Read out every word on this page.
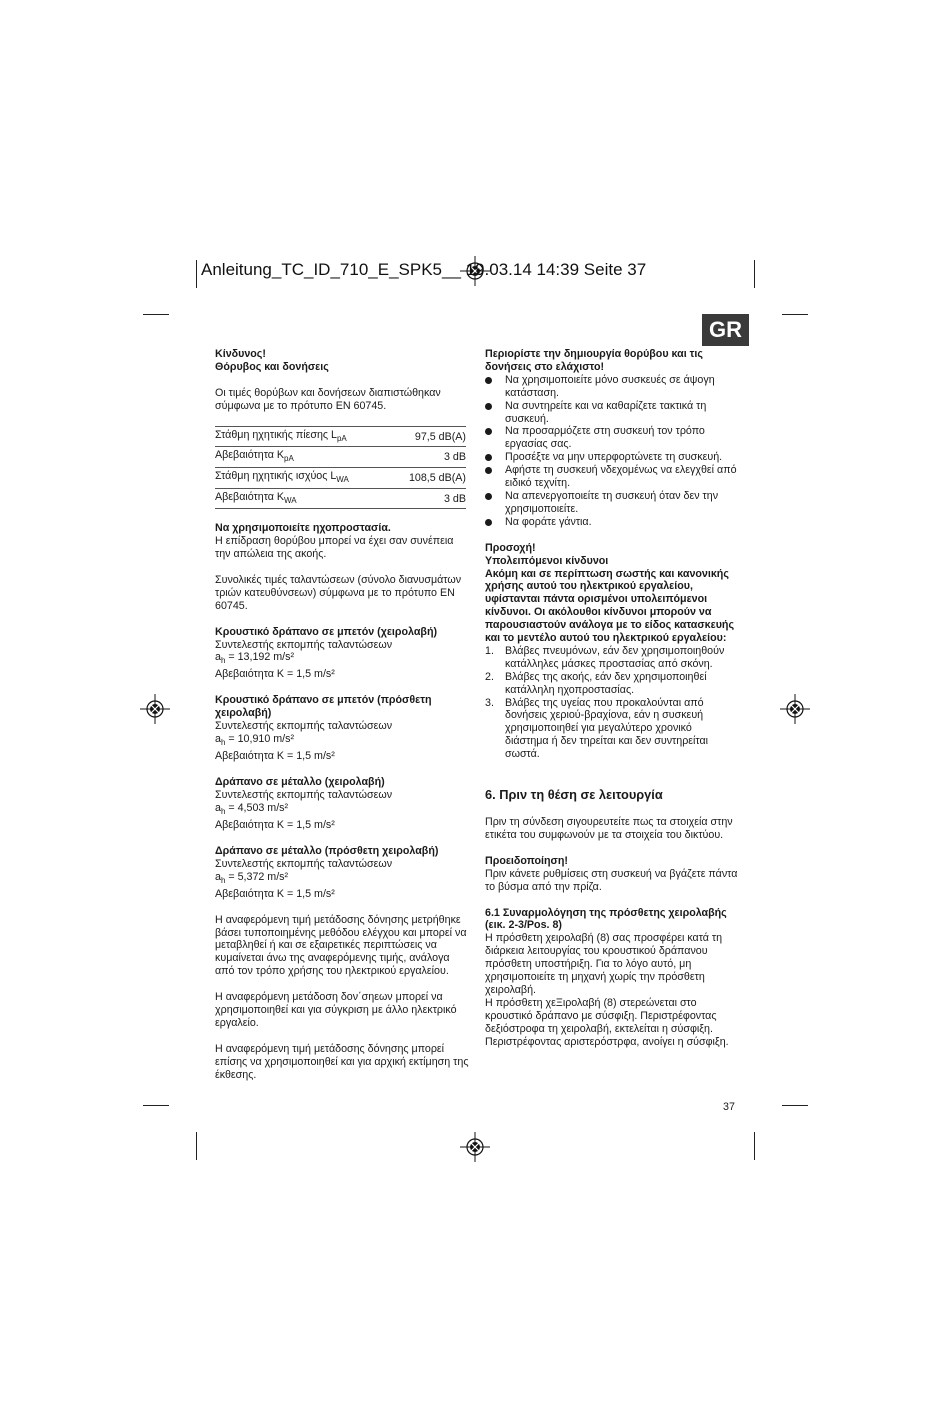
Anleitung_TC_ID_710_E_SPK5__ 19.03.14 14:39 Seite 37
GR
Κίνδυνος!
Θόρυβος και δονήσεις
Οι τιμές θορύβων και δονήσεων διαπιστώθηκαν σύμφωνα με το πρότυπο EN 60745.
Στάθμη ηχητικής πίεσης $L_{pA}$	97,5 dB(A)
Αβεβαιότητα $K_{pA}$	3 dB
Στάθμη ηχητικής ισχύος $L_{WA}$	108,5 dB(A)
Αβεβαιότητα $K_{WA}$	3 dB
Να χρησιμοποιείτε ηχοπροστασία.
Η επίδραση θορύβου μπορεί να έχει σαν συνέπεια την απώλεια της ακοής.
Συνολικές τιμές ταλαντώσεων (σύνολο διανυσμάτων τριών κατευθύνσεων) σύμφωνα με το πρότυπο EN 60745.
Κρουστικό δράπανο σε μπετόν (χειρολαβή)
Συντελεστής εκπομπής ταλαντώσεων
$a_h = 13,192$ m/s²
Αβεβαιότητα K = 1,5 m/s²
Κρουστικό δράπανο σε μπετόν (πρόσθετη χειρολαβή)
Συντελεστής εκπομπής ταλαντώσεων
$a_h = 10,910$ m/s²
Αβεβαιότητα K = 1,5 m/s²
Δράπανο σε μέταλλο (χειρολαβή)
Συντελεστής εκπομπής ταλαντώσεων
$a_h = 4,503$ m/s²
Αβεβαιότητα K = 1,5 m/s²
Δράπανο σε μέταλλο (πρόσθετη χειρολαβή)
Συντελεστής εκπομπής ταλαντώσεων
$a_h = 5,372$ m/s²
Αβεβαιότητα K = 1,5 m/s²
Η αναφερόμενη τιμή μετάδοσης δόνησης μετρήθηκε βάσει τυποποιημένης μεθόδου ελέγχου και μπορεί να μεταβληθεί ή και σε εξαιρετικές περιπτώσεις να κυμαίνεται άνω της αναφερόμενης τιμής, ανάλογα από τον τρόπο χρήσης του ηλεκτρικού εργαλείου.
Η αναφερόμενη μετάδοση δον΄σηεων μπορεί να χρησιμοποιηθεί και για σύγκριση με άλλο ηλεκτρικό εργαλείο.
Η αναφερόμενη τιμή μετάδοσης δόνησης μπορεί επίσης να χρησιμοποιηθεί και για αρχική εκτίμηση της έκθεσης.
Περιορίστε την δημιουργία θορύβου και τις δονήσεις στο ελάχιστο!
Να χρησιμοποιείτε μόνο συσκευές σε άψογη κατάσταση.
Να συντηρείτε και να καθαρίζετε τακτικά τη συσκευή.
Να προσαρμόζετε στη συσκευή τον τρόπο εργασίας σας.
Προσέξτε να μην υπερφορτώνετε τη συσκευή.
Αφήστε τη συσκευή νδεχομένως να ελεγχθεί από ειδικό τεχνίτη.
Να απενεργοποιείτε τη συσκευή όταν δεν την χρησιμοποιείτε.
Να φοράτε γάντια.
Προσοχή!
Υπολειπόμενοι κίνδυνοι
Ακόμη και σε περίπτωση σωστής και κανονικής χρήσης αυτού του ηλεκτρικού εργαλείου, υφίστανται πάντα ορισμένοι υπολειπόμενοι κίνδυνοι. Οι ακόλουθοι κίνδυνοι μπορούν να παρουσιαστούν ανάλογα με το είδος κατασκευής και το μεντέλο αυτού του ηλεκτρικού εργαλείου:
1. Βλάβες πνευμόνων, εάν δεν χρησιμοποιηθούν κατάλληλες μάσκες προστασίας από σκόνη.
2. Βλάβες της ακοής, εάν δεν χρησιμοποιηθεί κατάλληλη ηχοπροστασίας.
3. Βλάβες της υγείας που προκαλούνται από δονήσεις χεριού-βραχίονα, εάν η συσκευή χρησιμοποιηθεί για μεγαλύτερο χρονικό διάστημα ή δεν τηρείται και δεν συντηρείται σωστά.
6. Πριν τη θέση σε λειτουργία
Πριν τη σύνδεση σιγουρευτείτε πως τα στοιχεία στην ετικέτα του συμφωνούν με τα στοιχεία του δικτύου.
Προειδοποίηση!
Πριν κάνετε ρυθμίσεις στη συσκευή να βγάζετε πάντα το βύσμα από την πρίζα.
6.1 Συναρμολόγηση της πρόσθετης χειρολαβής (εικ. 2-3/Pos. 8)
Η πρόσθετη χειρολαβή (8) σας προσφέρει κατά τη διάρκεια λειτουργίας του κρουστικού δράπανου πρόσθετη υποστήριξη. Για το λόγο αυτό, μη χρησιμοποιείτε τη μηχανή χωρίς την πρόσθετη χειρολαβή.
Η πρόσθετη χεΞιρολαβή (8) στερεώνεται στο κρουστικό δράπανο με σύσφιξη. Περιστρέφοντας δεξιόστροφα τη χειρολαβή, εκτελείται η σύσφιξη. Περιστρέφοντας αριστερόστρφα, ανοίγει η σύσφιξη.
37
